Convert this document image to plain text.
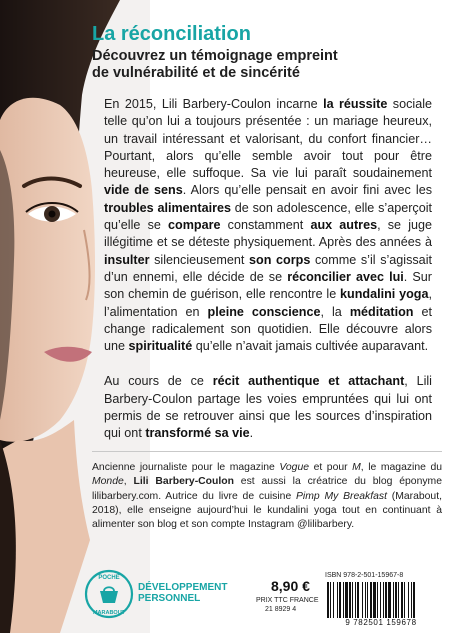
La réconciliation
Découvrez un témoignage empreint
de vulnérabilité et de sincérité
En 2015, Lili Barbery-Coulon incarne la réussite sociale telle qu’on lui a toujours présentée : un mariage heureux, un travail intéressant et valorisant, du confort financier… Pourtant, alors qu’elle semble avoir tout pour être heureuse, elle suffoque. Sa vie lui paraît soudainement vide de sens. Alors qu’elle pensait en avoir fini avec les troubles alimentaires de son adolescence, elle s’aperçoit qu’elle se compare constamment aux autres, se juge illégitime et se déteste physiquement. Après des années à insulter silencieusement son corps comme s’il s’agissait d’un ennemi, elle décide de se réconcilier avec lui. Sur son chemin de guérison, elle rencontre le kundalini yoga, l’alimentation en pleine conscience, la méditation et change radicalement son quotidien. Elle découvre alors une spiritualité qu’elle n’avait jamais cultivée auparavant.
Au cours de ce récit authentique et attachant, Lili Barbery-Coulon partage les voies empruntées qui lui ont permis de se retrouver ainsi que les sources d’inspiration qui ont transformé sa vie.
Ancienne journaliste pour le magazine Vogue et pour M, le magazine du Monde, Lili Barbery-Coulon est aussi la créatrice du blog éponyme lilibarbery.com. Autrice du livre de cuisine Pimp My Breakfast (Marabout, 2018), elle enseigne aujourd’hui le kundalini yoga tout en continuant à alimenter son blog et son compte Instagram @lilibarbery.
POCHE
MARABOUT
DÉVELOPPEMENT
PERSONNEL
8,90 €
PRIX TTC FRANCE
21 8929 4
ISBN 978-2-501-15967-8
9 782501 159678
